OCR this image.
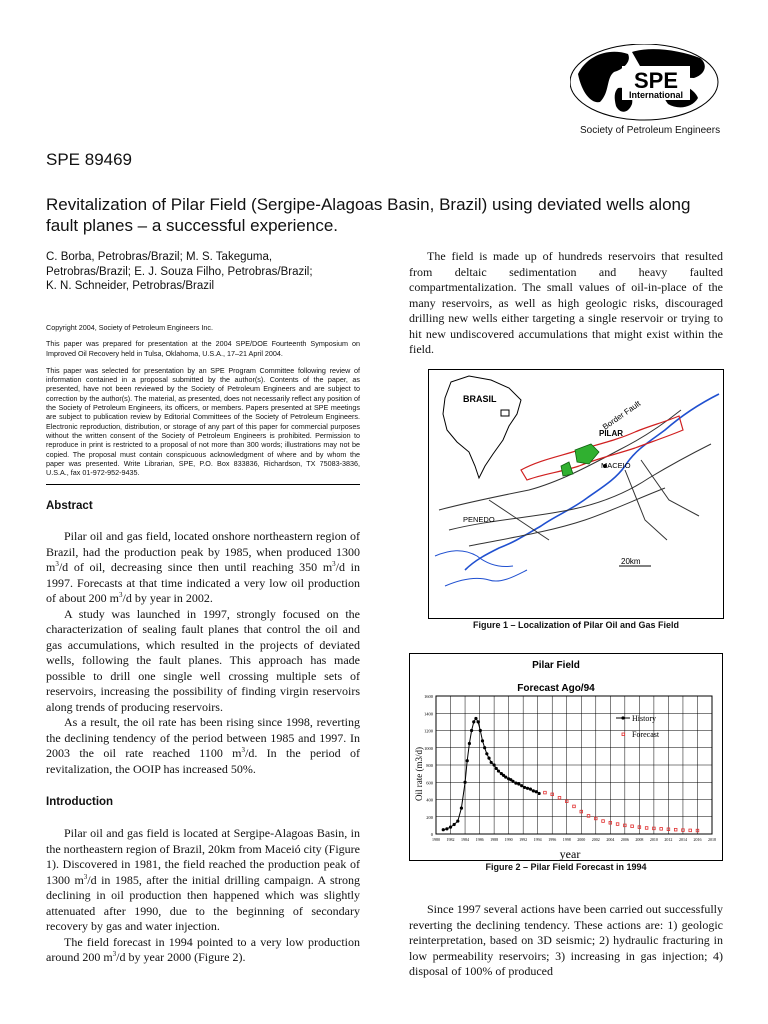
SPE
International
Society of Petroleum Engineers
SPE 89469
Revitalization of Pilar Field (Sergipe-Alagoas Basin, Brazil) using deviated wells along fault planes – a successful experience.
C. Borba, Petrobras/Brazil; M. S. Takeguma,
Petrobras/Brazil; E. J. Souza Filho, Petrobras/Brazil;
K. N. Schneider, Petrobras/Brazil

Copyright 2004, Society of Petroleum Engineers Inc.

This paper was prepared for presentation at the 2004 SPE/DOE Fourteenth Symposium on Improved Oil Recovery held in Tulsa, Oklahoma, U.S.A., 17–21 April 2004.

This paper was selected for presentation by an SPE Program Committee following review of information contained in a proposal submitted by the author(s). Contents of the paper, as presented, have not been reviewed by the Society of Petroleum Engineers and are subject to correction by the author(s). The material, as presented, does not necessarily reflect any position of the Society of Petroleum Engineers, its officers, or members. Papers presented at SPE meetings are subject to publication review by Editorial Committees of the Society of Petroleum Engineers. Electronic reproduction, distribution, or storage of any part of this paper for commercial purposes without the written consent of the Society of Petroleum Engineers is prohibited. Permission to reproduce in print is restricted to a proposal of not more than 300 words; illustrations may not be copied. The proposal must contain conspicuous acknowledgment of where and by whom the paper was presented. Write Librarian, SPE, P.O. Box 833836, Richardson, TX 75083-3836, U.S.A., fax 01-972-952-9435.

Abstract

Pilar oil and gas field, located onshore northeastern region of Brazil, had the production peak by 1985, when produced 1300 $m^3/d$ of oil, decreasing since then until reaching 350 $m^3/d$ in 1997. Forecasts at that time indicated a very low oil production of about 200 $m^3/d$ by year in 2002.

A study was launched in 1997, strongly focused on the characterization of sealing fault planes that control the oil and gas accumulations, which resulted in the projects of deviated wells, following the fault planes. This approach has made possible to drill one single well crossing multiple sets of reservoirs, increasing the possibility of finding virgin reservoirs along trends of producing reservoirs.

As a result, the oil rate has been rising since 1998, reverting the declining tendency of the period between 1985 and 1997. In 2003 the oil rate reached 1100 $m^3/d$. In the period of revitalization, the OOIP has increased 50%.

Introduction

Pilar oil and gas field is located at Sergipe-Alagoas Basin, in the northeastern region of Brazil, 20km from Maceió city (Figure 1). Discovered in 1981, the field reached the production peak of 1300 $m^3/d$ in 1985, after the initial drilling campaign. A strong declining in oil production then happened which was slightly attenuated after 1990, due to the beginning of secondary recovery by gas and water injection.

The field forecast in 1994 pointed to a very low production around 200 $m^3/d$ by year 2000 (Figure 2).

The field is made up of hundreds reservoirs that resulted from deltaic sedimentation and heavy faulted compartmentalization. The small values of oil-in-place of the many reservoirs, as well as high geologic risks, discouraged drilling new wells either targeting a single reservoir or trying to hit new undiscovered accumulations that might exist within the field.
BRASIL
Border Fault
PILAR
MACEIO
PENEDO
20km
Figure 1 – Localization of Pilar Oil and Gas Field
Pilar Field
Forecast Ago/94
Oil rate (m3/d)
year
0
200
400
600
800
1000
1200
1400
1600
1980 1982 1984 1986 1988 1990 1992 1994 1996 1998 2000 2002 2004 2006 2008 2010 2012 2014 2016 2018
History
Forecast
Figure 2 – Pilar Field Forecast in 1994
Since 1997 several actions have been carried out successfully reverting the declining tendency. These actions are: 1) geologic reinterpretation, based on 3D seismic; 2) hydraulic fracturing in low permeability reservoirs; 3) increasing in gas injection; 4) disposal of 100% of produced
